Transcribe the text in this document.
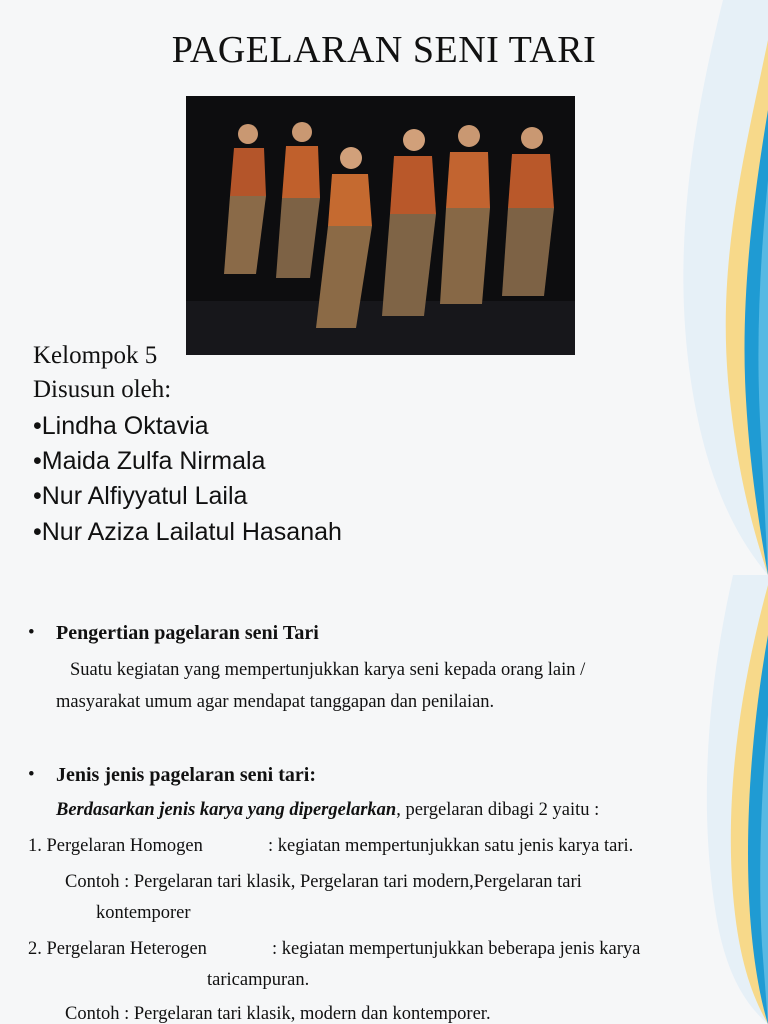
PAGELARAN SENI TARI
Kelompok 5
Disusun oleh:
•Lindha Oktavia
•Maida Zulfa Nirmala
•Nur Alfiyyatul Laila
•Nur Aziza Lailatul Hasanah
• Pengertian pagelaran seni Tari
Suatu kegiatan yang mempertunjukkan karya seni kepada orang lain /
masyarakat umum agar mendapat tanggapan dan penilaian.
• Jenis jenis pagelaran seni tari:
Berdasarkan jenis karya yang dipergelarkan, pergelaran dibagi 2 yaitu :
1. Pergelaran Homogen	: kegiatan mempertunjukkan satu jenis karya tari.
Contoh : Pergelaran tari klasik, Pergelaran tari modern,Pergelaran tari
kontemporer
2. Pergelaran Heterogen	: kegiatan mempertunjukkan beberapa jenis karya
taricampuran.
Contoh : Pergelaran tari klasik, modern dan kontemporer.
